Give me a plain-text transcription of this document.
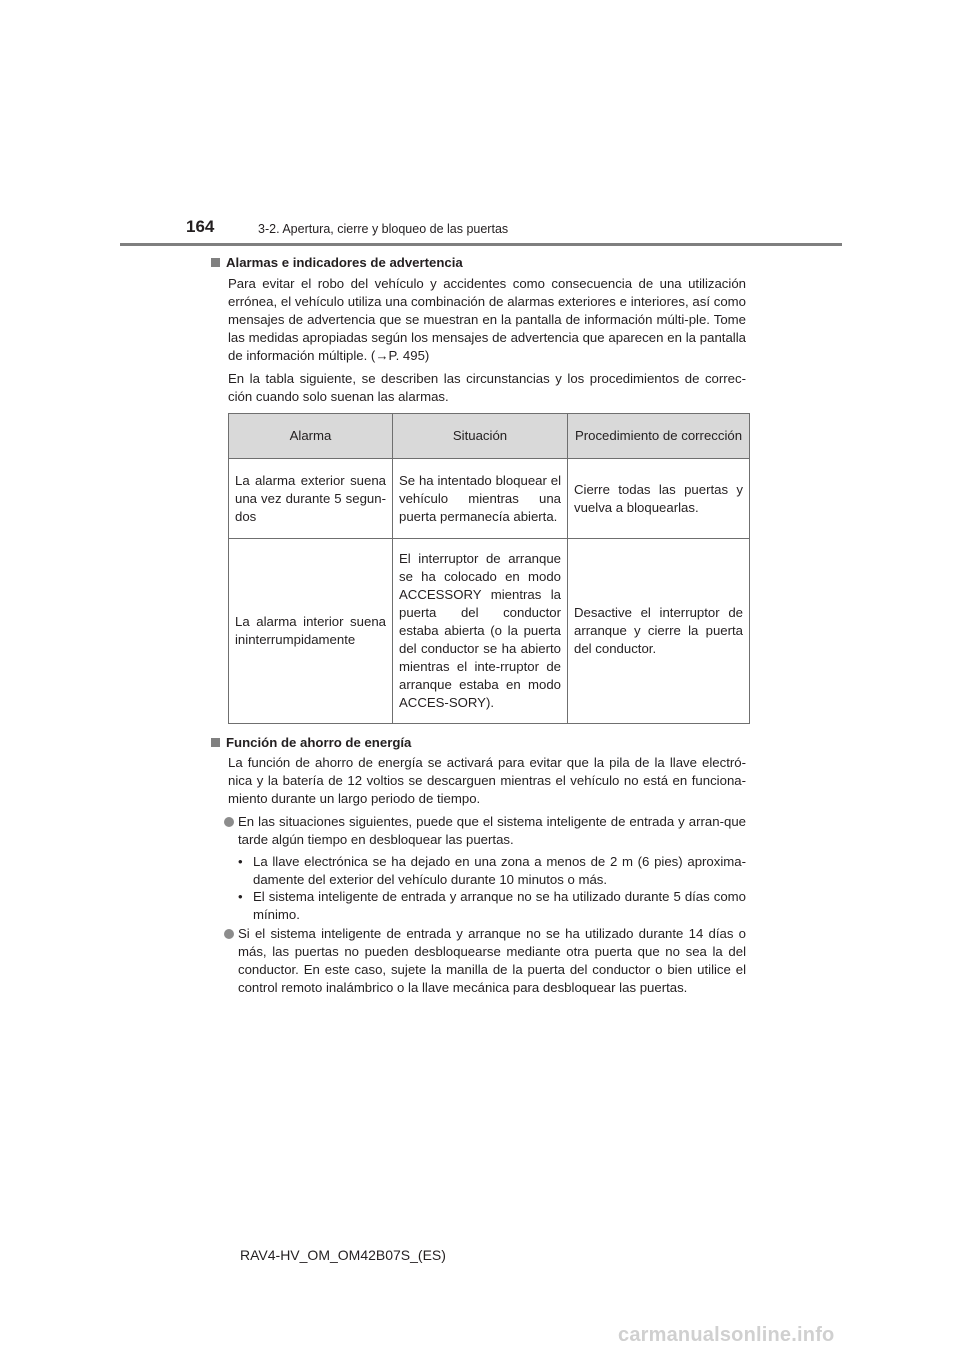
164	3-2. Apertura, cierre y bloqueo de las puertas
Alarmas e indicadores de advertencia
Para evitar el robo del vehículo y accidentes como consecuencia de una utilización errónea, el vehículo utiliza una combinación de alarmas exteriores e interiores, así como mensajes de advertencia que se muestran en la pantalla de información múlti-ple. Tome las medidas apropiadas según los mensajes de advertencia que aparecen en la pantalla de información múltiple. (→P. 495)
En la tabla siguiente, se describen las circunstancias y los procedimientos de correc-ción cuando solo suenan las alarmas.
Alarma	Situación	Procedimiento de corrección
La alarma exterior suena una vez durante 5 segun-dos	Se ha intentado bloquear el vehículo mientras una puerta permanecía abierta.	Cierre todas las puertas y vuelva a bloquearlas.
La alarma interior suena ininterrumpidamente	El interruptor de arranque se ha colocado en modo ACCESSORY mientras la puerta del conductor estaba abierta (o la puerta del conductor se ha abierto mientras el inte-rruptor de arranque estaba en modo ACCES-SORY).	Desactive el interruptor de arranque y cierre la puerta del conductor.
Función de ahorro de energía
La función de ahorro de energía se activará para evitar que la pila de la llave electró-nica y la batería de 12 voltios se descarguen mientras el vehículo no está en funciona-miento durante un largo periodo de tiempo.
En las situaciones siguientes, puede que el sistema inteligente de entrada y arran-que tarde algún tiempo en desbloquear las puertas.
• La llave electrónica se ha dejado en una zona a menos de 2 m (6 pies) aproxima-damente del exterior del vehículo durante 10 minutos o más.
• El sistema inteligente de entrada y arranque no se ha utilizado durante 5 días como mínimo.
Si el sistema inteligente de entrada y arranque no se ha utilizado durante 14 días o más, las puertas no pueden desbloquearse mediante otra puerta que no sea la del conductor. En este caso, sujete la manilla de la puerta del conductor o bien utilice el control remoto inalámbrico o la llave mecánica para desbloquear las puertas.
RAV4-HV_OM_OM42B07S_(ES)
carmanualsonline.info
